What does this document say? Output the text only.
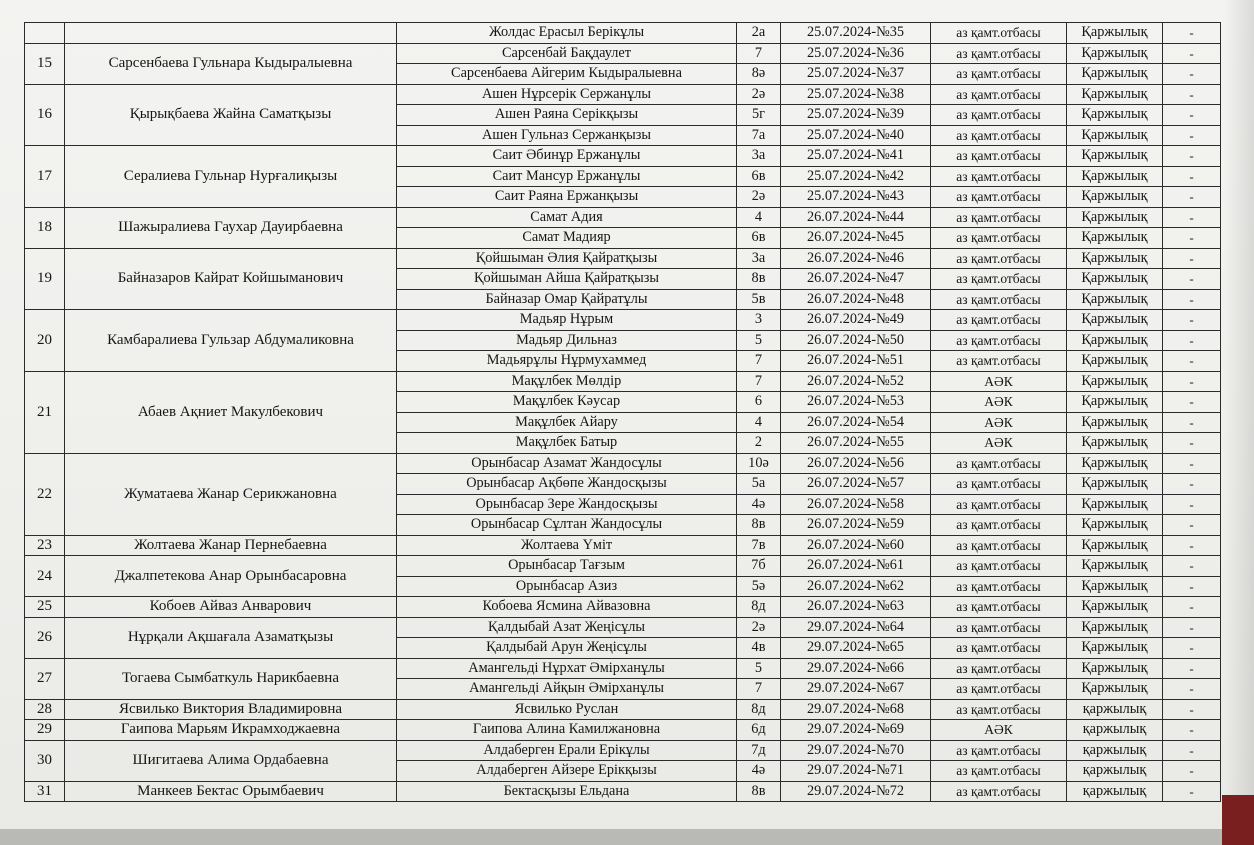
		Жолдас Ерасыл Берікұлы	2а	25.07.2024-№35	аз қамт.отбасы	Қаржылық	-
15	Сарсенбаева Гульнара Кыдыралыевна	Сарсенбай Бақдаулет	7	25.07.2024-№36	аз қамт.отбасы	Қаржылық	-
		Сарсенбаева Айгерим Кыдыралыевна	8ә	25.07.2024-№37	аз қамт.отбасы	Қаржылық	-
16	Қырықбаева Жайна Саматқызы	Ашен Нұрсерік Сержанұлы	2ә	25.07.2024-№38	аз қамт.отбасы	Қаржылық	-
		Ашен Раяна Серікқызы	5г	25.07.2024-№39	аз қамт.отбасы	Қаржылық	-
		Ашен Гульназ Сержанқызы	7а	25.07.2024-№40	аз қамт.отбасы	Қаржылық	-
17	Сералиева Гульнар Нурғалиқызы	Саит Әбинұр Ержанұлы	3а	25.07.2024-№41	аз қамт.отбасы	Қаржылық	-
		Саит Мансур Ержанұлы	6в	25.07.2024-№42	аз қамт.отбасы	Қаржылық	-
		Саит Раяна Ержанқызы	2ә	25.07.2024-№43	аз қамт.отбасы	Қаржылық	-
18	Шажыралиева Гаухар Дауирбаевна	Самат Адия	4	26.07.2024-№44	аз қамт.отбасы	Қаржылық	-
		Самат Мадияр	6в	26.07.2024-№45	аз қамт.отбасы	Қаржылық	-
19	Байназаров Кайрат Койшыманович	Қойшыман Әлия Қайратқызы	3а	26.07.2024-№46	аз қамт.отбасы	Қаржылық	-
		Қойшыман Айша Қайратқызы	8в	26.07.2024-№47	аз қамт.отбасы	Қаржылық	-
		Байназар Омар Қайратұлы	5в	26.07.2024-№48	аз қамт.отбасы	Қаржылық	-
20	Камбаралиева Гульзар Абдумаликовна	Мадьяр Нұрым	3	26.07.2024-№49	аз қамт.отбасы	Қаржылық	-
		Мадьяр Дильназ	5	26.07.2024-№50	аз қамт.отбасы	Қаржылық	-
		Мадьярұлы Нұрмухаммед	7	26.07.2024-№51	аз қамт.отбасы	Қаржылық	-
21	Абаев Ақниет Макулбекович	Мақұлбек Мөлдір	7	26.07.2024-№52	АӘК	Қаржылық	-
		Мақұлбек Кәусар	6	26.07.2024-№53	АӘК	Қаржылық	-
		Мақұлбек Айару	4	26.07.2024-№54	АӘК	Қаржылық	-
		Мақұлбек Батыр	2	26.07.2024-№55	АӘК	Қаржылық	-
22	Жуматаева Жанар Серикжановна	Орынбасар Азамат Жандосұлы	10ә	26.07.2024-№56	аз қамт.отбасы	Қаржылық	-
		Орынбасар Ақбөпе Жандосқызы	5а	26.07.2024-№57	аз қамт.отбасы	Қаржылық	-
		Орынбасар Зере Жандосқызы	4ә	26.07.2024-№58	аз қамт.отбасы	Қаржылық	-
		Орынбасар Сұлтан Жандосұлы	8в	26.07.2024-№59	аз қамт.отбасы	Қаржылық	-
23	Жолтаева Жанар Пернебаевна	Жолтаева Үміт	7в	26.07.2024-№60	аз қамт.отбасы	Қаржылық	-
24	Джалпетекова Анар Орынбасаровна	Орынбасар Тағзым	7б	26.07.2024-№61	аз қамт.отбасы	Қаржылық	-
		Орынбасар Азиз	5ә	26.07.2024-№62	аз қамт.отбасы	Қаржылық	-
25	Кобоев Айваз Анварович	Кобоева Ясмина Айвазовна	8д	26.07.2024-№63	аз қамт.отбасы	Қаржылық	-
26	Нұрқали Ақшағала Азаматқызы	Қалдыбай Азат Жеңісұлы	2ә	29.07.2024-№64	аз қамт.отбасы	Қаржылық	-
		Қалдыбай Арун Жеңісұлы	4в	29.07.2024-№65	аз қамт.отбасы	Қаржылық	-
27	Тогаева Сымбаткуль Нарикбаевна	Амангельді Нұрхат Әмірханұлы	5	29.07.2024-№66	аз қамт.отбасы	Қаржылық	-
		Амангельді Айқын Әмірханұлы	7	29.07.2024-№67	аз қамт.отбасы	Қаржылық	-
28	Ясвилько Виктория Владимировна	Ясвилько Руслан	8д	29.07.2024-№68	аз қамт.отбасы	қаржылық	-
29	Гаипова Марьям Икрамходжаевна	Гаипова Алина Камилжановна	6д	29.07.2024-№69	АӘК	қаржылық	-
30	Шигитаева Алима Ордабаевна	Алдаберген Ерали Ерікұлы	7д	29.07.2024-№70	аз қамт.отбасы	қаржылық	-
		Алдаберген Айзере Ерікқызы	4ә	29.07.2024-№71	аз қамт.отбасы	қаржылық	-
31	Манкеев Бектас Орымбаевич	Бектасқызы Ельдана	8в	29.07.2024-№72	аз қамт.отбасы	қаржылық	-
